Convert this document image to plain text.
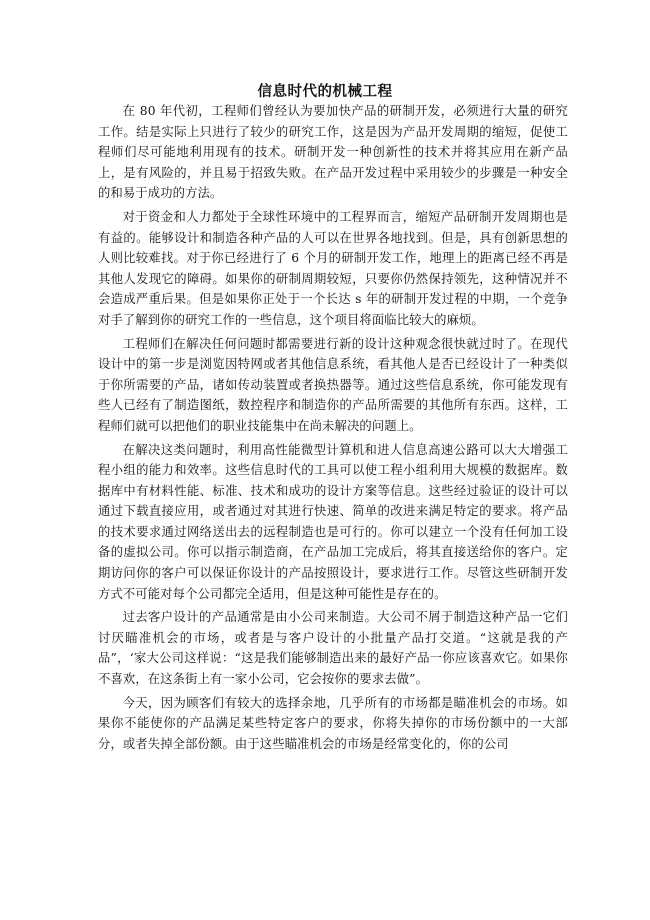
信息时代的机械工程

在 80 年代初，工程师们曾经认为要加快产品的研制开发，必须进行大量的研究工作。结是实际上只进行了较少的研究工作，这是因为产品开发周期的缩短，促使工程师们尽可能地利用现有的技术。研制开发一种创新性的技术并将其应用在新产品上，是有风险的，并且易于招致失败。在产品开发过程中采用较少的步骤是一种安全的和易于成功的方法。

对于资金和人力都处于全球性环境中的工程界而言，缩短产品研制开发周期也是有益的。能够设计和制造各种产品的人可以在世界各地找到。但是，具有创新思想的人则比较难找。对于你已经进行了 6 个月的研制开发工作，地理上的距离已经不再是其他人发现它的障碍。如果你的研制周期较短，只要你仍然保持领先，这种情况并不会造成严重后果。但是如果你正处于一个长达 s 年的研制开发过程的中期，一个竞争对手了解到你的研究工作的一些信息，这个项目将面临比较大的麻烦。

工程师们在解决任何问题时都需要进行新的设计这种观念很快就过时了。在现代设计中的第一步是浏览因特网或者其他信息系统，看其他人是否已经设计了一种类似于你所需要的产品，诸如传动装置或者换热器等。通过这些信息系统，你可能发现有些人已经有了制造图纸，数控程序和制造你的产品所需要的其他所有东西。这样，工程师们就可以把他们的职业技能集中在尚未解决的问题上。

在解决这类问题时，利用高性能微型计算机和进人信息高速公路可以大大增强工程小组的能力和效率。这些信息时代的工具可以使工程小组利用大规模的数据库。数据库中有材料性能、标准、技术和成功的设计方案等信息。这些经过验证的设计可以通过下载直接应用，或者通过对其进行快速、简单的改进来满足特定的要求。将产品的技术要求通过网络送出去的远程制造也是可行的。你可以建立一个没有任何加工设备的虚拟公司。你可以指示制造商，在产品加工完成后，将其直接送给你的客户。定期访问你的客户可以保证你设计的产品按照设计，要求进行工作。尽管这些研制开发方式不可能对每个公司都完全适用，但是这种可能性是存在的。

过去客户设计的产品通常是由小公司来制造。大公司不屑于制造这种产品一它们讨厌瞄准机会的市场，或者是与客户设计的小批量产品打交道。“这就是我的产品”，‘家大公司这样说：“这是我们能够制造出来的最好产品一你应该喜欢它。如果你不喜欢，在这条街上有一家小公司，它会按你的要求去做”。

今天，因为顾客们有较大的选择余地，几乎所有的市场都是瞄准机会的市场。如果你不能使你的产品满足某些特定客户的要求，你将失掉你的市场份额中的一大部分，或者失掉全部份额。由于这些瞄准机会的市场是经常变化的，你的公司
